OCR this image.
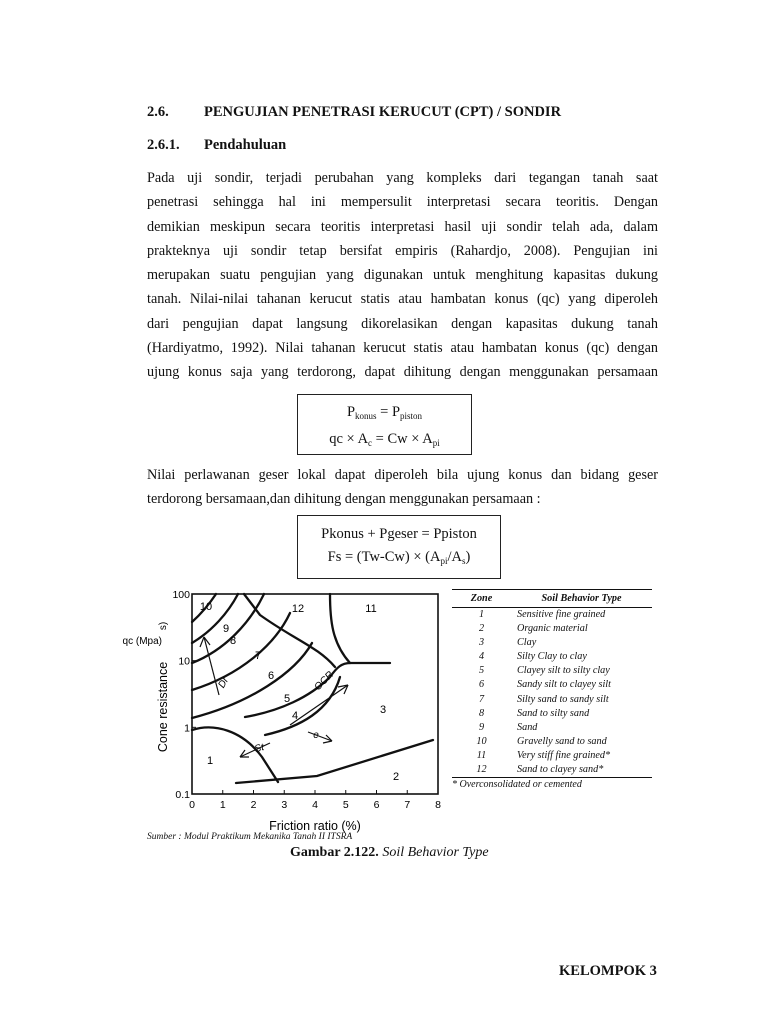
2.6. PENGUJIAN PENETRASI KERUCUT (CPT) / SONDIR
2.6.1. Pendahuluan
Pada uji sondir, terjadi perubahan yang kompleks dari tegangan tanah saat
penetrasi sehingga hal ini mempersulit interpretasi secara teoritis. Dengan
demikian meskipun secara teoritis interpretasi hasil uji sondir telah ada, dalam
prakteknya uji sondir tetap bersifat empiris (Rahardjo, 2008). Pengujian ini
merupakan suatu pengujian yang digunakan untuk menghitung kapasitas dukung
tanah. Nilai-nilai tahanan kerucut statis atau hambatan konus (qc) yang diperoleh
dari pengujian dapat langsung dikorelasikan dengan kapasitas dukung tanah
(Hardiyatmo, 1992). Nilai tahanan kerucut statis atau hambatan konus (qc) dengan
ujung konus saja yang terdorong, dapat dihitung dengan menggunakan persamaan
$P_{konus} = P_{piston}$
qc × $A_c = Cw \times A_{pi}$
Nilai perlawanan geser lokal dapat diperoleh bila ujung konus dan bidang geser
terdorong bersamaan,dan dihitung dengan menggunakan persamaan :
Pkonus + Pgeser = Ppiston
$Fs = (Tw-Cw) \times (A_{pi}/A_s)$
0 1 2 3 4 5 6 7 8
0.1
1
10
100
Friction ratio (%)
Cone resistance
qc (Mpa)
s)
1
2
3
4
5
6
7
8
9
10	11
12
Dr	OCR
St
e
Zone	Soil Behavior Type
1	Sensitive fine grained
2	Organic material
3	Clay
4	Silty Clay to clay
5	Clayey silt to silty clay
6	Sandy silt to clayey silt
7	Silty sand to sandy silt
8	Sand to silty sand
9	Sand
10	Gravelly sand to sand
11	Very stiff fine grained*
12	Sand to clayey sand*
* Overconsolidated or cemented
Sumber : Modul Praktikum Mekanika Tanah II ITSRA
Gambar 2.122. Soil Behavior Type
KELOMPOK 3
